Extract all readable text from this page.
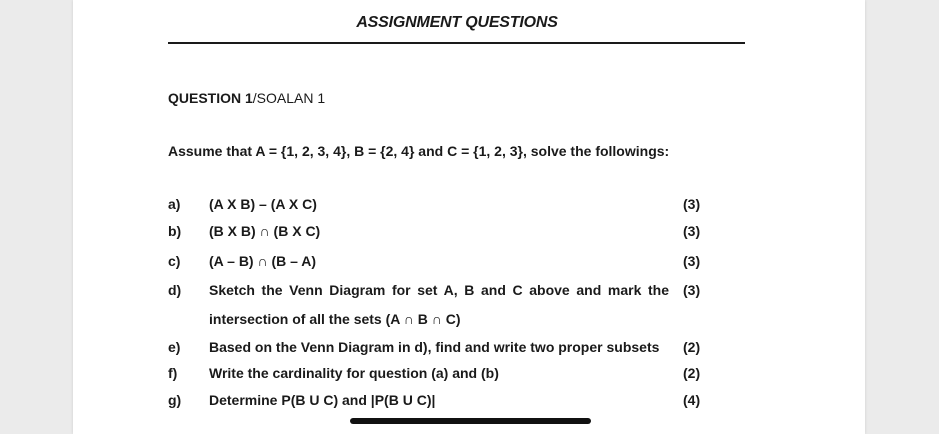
ASSIGNMENT QUESTIONS
QUESTION 1/SOALAN 1
Assume that A = {1, 2, 3, 4}, B = {2, 4} and C = {1, 2, 3}, solve the followings:
a) (A X B) – (A X C)	(3)
b) (B X B) ∩ (B X C)	(3)
c) (A – B) ∩ (B – A)	(3)
d) Sketch the Venn Diagram for set A, B and C above and mark the (3)
intersection of all the sets (A ∩ B ∩ C)
e) Based on the Venn Diagram in d), find and write two proper subsets (2)
f) Write the cardinality for question (a) and (b)	(2)
g) Determine P(B U C) and |P(B U C)|	(4)
